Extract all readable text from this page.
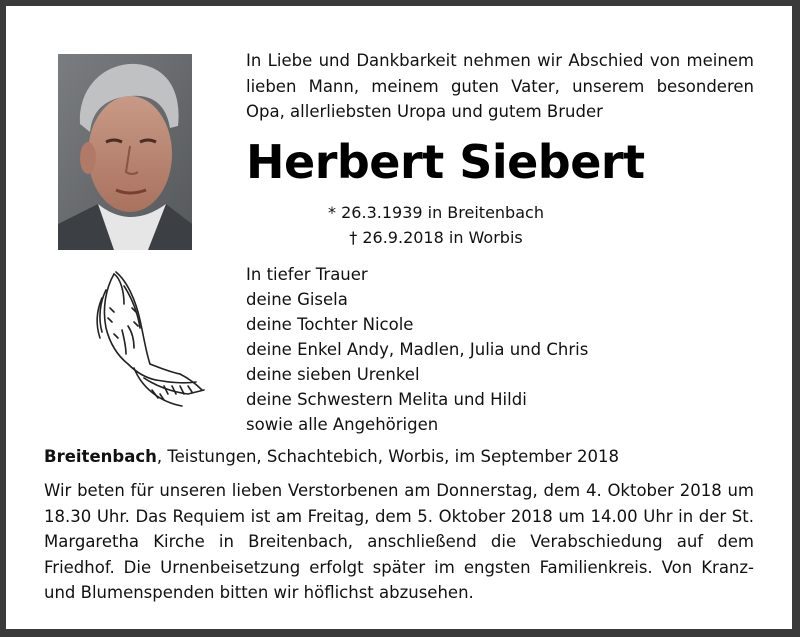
In Liebe und Dankbarkeit nehmen wir Abschied von meinem lieben Mann, meinem guten Vater, unserem besonderen Opa, allerliebsten Uropa und gutem Bruder
Herbert Siebert
* 26.3.1939 in Breitenbach
† 26.9.2018 in Worbis
In tiefer Trauer
deine Gisela
deine Tochter Nicole
deine Enkel Andy, Madlen, Julia und Chris
deine sieben Urenkel
deine Schwestern Melita und Hildi
sowie alle Angehörigen
Breitenbach, Teistungen, Schachtebich, Worbis, im September 2018
Wir beten für unseren lieben Verstorbenen am Donnerstag, dem 4. Oktober 2018 um 18.30 Uhr. Das Requiem ist am Freitag, dem 5. Oktober 2018 um 14.00 Uhr in der St. Margaretha Kirche in Breitenbach, anschließend die Verabschiedung auf dem Friedhof. Die Urnenbeisetzung erfolgt später im engsten Familienkreis. Von Kranz- und Blumenspenden bitten wir höflichst abzusehen.
